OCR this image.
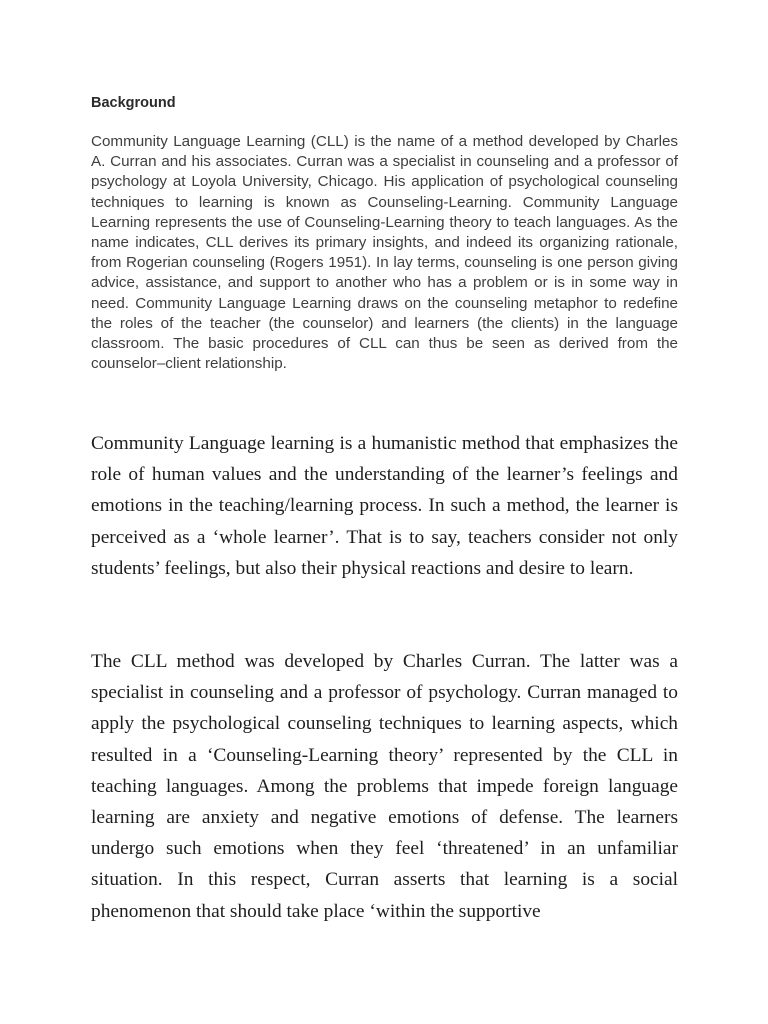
Background

Community Language Learning (CLL) is the name of a method developed by Charles A. Curran and his associates. Curran was a specialist in counseling and a professor of psychology at Loyola University, Chicago. His application of psychological counseling techniques to learning is known as Counseling-Learning. Community Language Learning represents the use of Counseling-Learning theory to teach languages. As the name indicates, CLL derives its primary insights, and indeed its organizing rationale, from Rogerian counseling (Rogers 1951). In lay terms, counseling is one person giving advice, assistance, and support to another who has a problem or is in some way in need. Community Language Learning draws on the counseling metaphor to redefine the roles of the teacher (the counselor) and learners (the clients) in the language classroom. The basic procedures of CLL can thus be seen as derived from the counselor–client relationship.

Community Language learning is a humanistic method that emphasizes the role of human values and the understanding of the learner’s feelings and emotions in the teaching/learning process. In such a method, the learner is perceived as a ‘whole learner’. That is to say, teachers consider not only students’ feelings, but also their physical reactions and desire to learn.

The CLL method was developed by Charles Curran. The latter was a specialist in counseling and a professor of psychology. Curran managed to apply the psychological counseling techniques to learning aspects, which resulted in a ‘Counseling-Learning theory’ represented by the CLL in teaching languages. Among the problems that impede foreign language learning are anxiety and negative emotions of defense. The learners undergo such emotions when they feel ‘threatened’ in an unfamiliar situation. In this respect, Curran asserts that learning is a social phenomenon that should take place ‘within the supportive
